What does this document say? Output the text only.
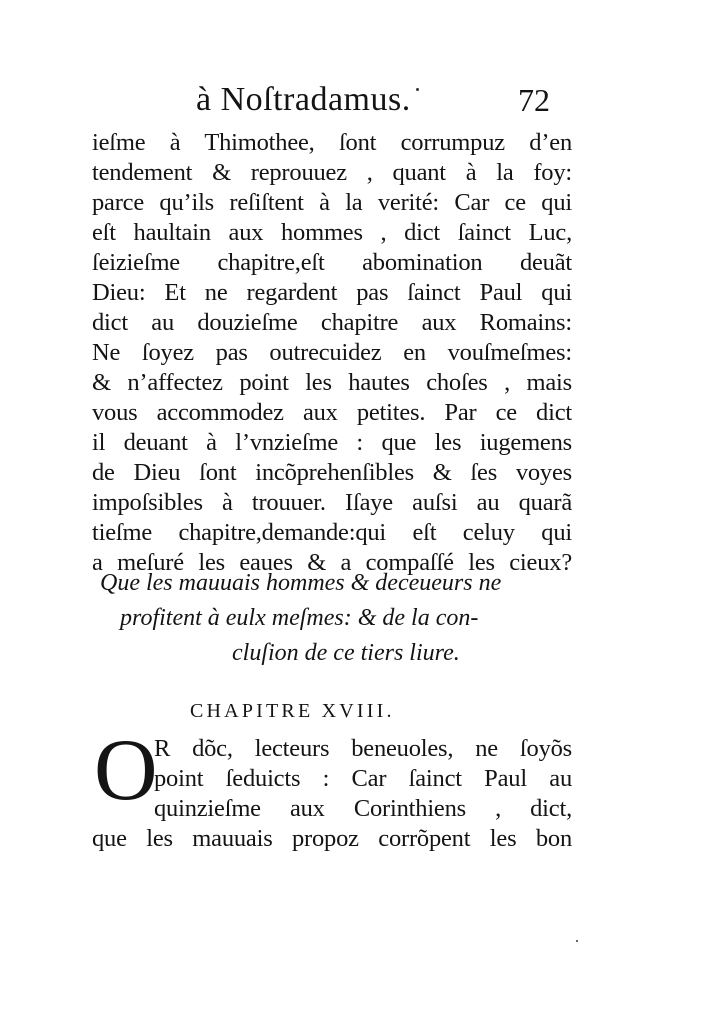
à Noſtradamus.	72
ieſme à Thimothee, ſont corrumpuz d’en
tendement & reprouuez , quant à la foy:
parce qu’ils reſiſtent à la verité: Car ce qui
eſt haultain aux hommes , dict ſainct Luc,
ſeizieſme chapitre,eſt abomination deuãt
Dieu: Et ne regardent pas ſainct Paul qui
dict au douzieſme chapitre aux Romains:
Ne ſoyez pas outrecuidez en vouſmeſmes:
& n’affectez point les hautes choſes , mais
vous accommodez aux petites. Par ce dict
il deuant à l’vnzieſme : que les iugemens
de Dieu ſont incõprehenſibles & ſes voyes
impoſsibles à trouuer. Iſaye auſsi au quarã
tieſme chapitre,demande:qui eſt celuy qui
a meſuré les eaues & a compaſſé les cieux?
Que les mauuais hommes & deceueurs ne
profitent à eulx meſmes: & de la con-
cluſion de ce tiers liure.
CHAPITRE XVIII.
O
R dõc, lecteurs beneuoles, ne ſoyõs
point ſeduicts : Car ſainct Paul au
quinzieſme aux Corinthiens , dict,
que les mauuais propoz corrõpent les bon
